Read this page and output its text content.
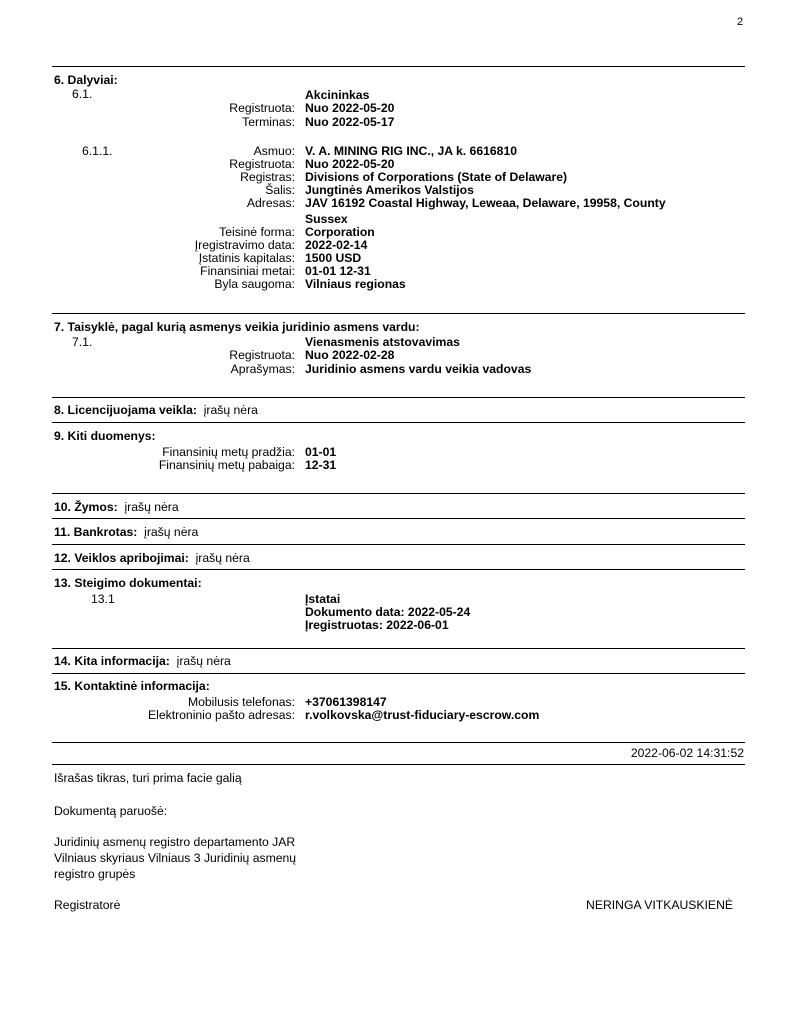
2
6. Dalyviai:
6.1.	Akcininkas
Registruota: Nuo 2022-05-20
Terminas: Nuo 2022-05-17
6.1.1.	Asmuo: V. A. MINING RIG INC., JA k. 6616810
Registruota: Nuo 2022-05-20
Registras: Divisions of Corporations (State of Delaware)
Šalis: Jungtinės Amerikos Valstijos
Adresas: JAV 16192 Coastal Highway, Leweaa, Delaware, 19958, County
Sussex
Teisinė forma: Corporation
Įregistravimo data: 2022-02-14
Įstatinis kapitalas: 1500 USD
Finansiniai metai: 01-01 12-31
Byla saugoma: Vilniaus regionas
7. Taisyklė, pagal kurią asmenys veikia juridinio asmens vardu:
7.1.	Vienasmenis atstovavimas
Registruota: Nuo 2022-02-28
Aprašymas: Juridinio asmens vardu veikia vadovas
8. Licencijuojama veikla: įrašų nėra
9. Kiti duomenys:
Finansinių metų pradžia: 01-01
Finansinių metų pabaiga: 12-31
10. Žymos: įrašų nėra
11. Bankrotas: įrašų nėra
12. Veiklos apribojimai: įrašų nėra
13. Steigimo dokumentai:
13.1	Įstatai
Dokumento data: 2022-05-24
Įregistruotas: 2022-06-01
14. Kita informacija: įrašų nėra
15. Kontaktinė informacija:
Mobilusis telefonas: +37061398147
Elektroninio pašto adresas: r.volkovska@trust-fiduciary-escrow.com
2022-06-02 14:31:52
Išrašas tikras, turi prima facie galią
Dokumentą paruošė:
Juridinių asmenų registro departamento JAR
Vilniaus skyriaus Vilniaus 3 Juridinių asmenų
registro grupės
Registratorė	NERINGA VITKAUSKIENĖ
